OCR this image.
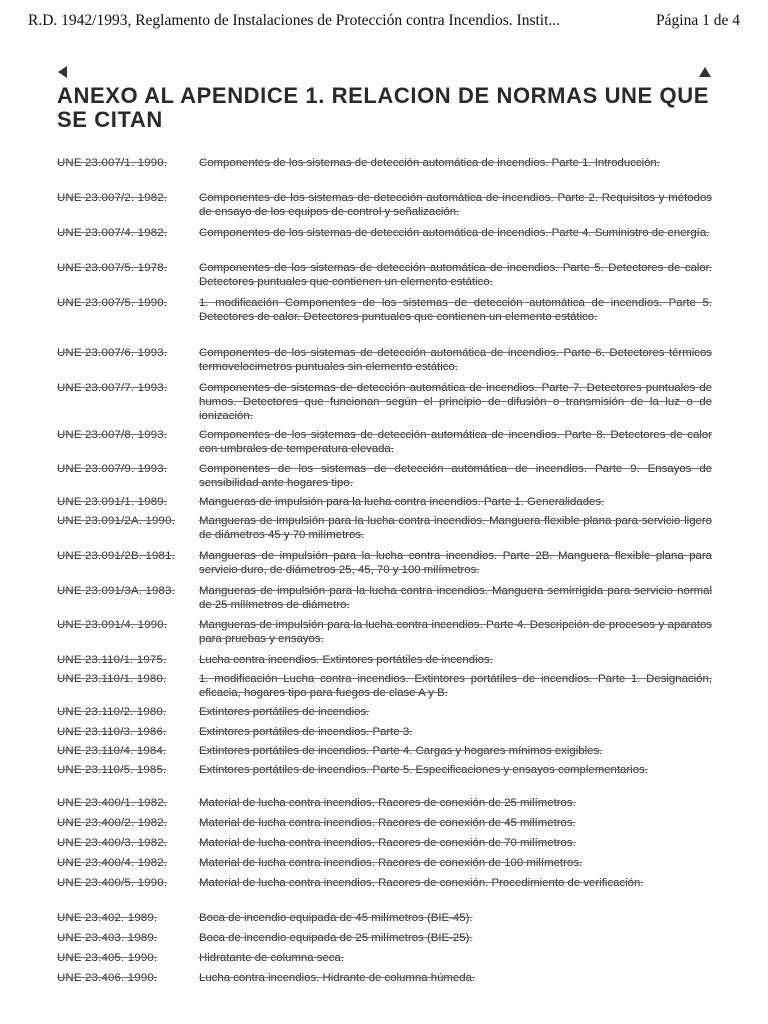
R.D. 1942/1993, Reglamento de Instalaciones de Protección contra Incendios. Instit...	Página 1 de 4
ANEXO AL APENDICE 1. RELACION DE NORMAS UNE QUE SE CITAN
UNE 23.007/1. 1990.	Componentes de los sistemas de detección automática de incendios. Parte 1. Introducción.
UNE 23.007/2. 1982.	Componentes de los sistemas de detección automática de incendios. Parte 2. Requisitos y métodos de ensayo de los equipos de control y señalización.
UNE 23.007/4. 1982.	Componentes de los sistemas de detección automática de incendios. Parte 4. Suministro de energía.
UNE 23.007/5. 1978.	Componentes de los sistemas de detección automática de incendios. Parte 5. Detectores de calor. Detectores puntuales que contienen un elemento estático.
UNE 23.007/5. 1990.	1. modificación Componentes de los sistemas de detección automática de incendios. Parte 5. Detectores de calor. Detectores puntuales que contienen un elemento estático.
UNE 23.007/6. 1993.	Componentes de los sistemas de detección automática de incendios. Parte 6. Detectores térmicos termovelocimetros puntuales sin elemento estático.
UNE 23.007/7. 1993.	Componentes de sistemas de detección automática de incendios. Parte 7. Detectores puntuales de humos. Detectores que funcionan según el principio de difusión o transmisión de la luz o de ionización.
UNE 23.007/8. 1993.	Componentes de los sistemas de detección automática de incendios. Parte 8. Detectores de calor con umbrales de temperatura elevada.
UNE 23.007/9. 1993.	Componentes de los sistemas de detección automática de incendios. Parte 9. Ensayos de sensibilidad ante hogares tipo.
UNE 23.091/1. 1989.	Mangueras de impulsión para la lucha contra incendios. Parte 1. Generalidades.
UNE 23.091/2A. 1990.	Mangueras de impulsión para la lucha contra incendios. Manguera flexible plana para servicio ligero de diámetros 45 y 70 milímetros.
UNE 23.091/2B. 1981.	Mangueras de impulsión para la lucha contra incendios. Parte 2B. Manguera flexible plana para servicio duro, de diámetros 25, 45, 70 y 100 milímetros.
UNE 23.091/3A. 1983.	Mangueras de impulsión para la lucha contra incendios. Manguera semirrigida para servicio normal de 25 milímetros de diámetro.
UNE 23.091/4. 1990.	Mangueras de impulsión para la lucha contra incendios. Parte 4. Descripción de procesos y aparatos para pruebas y ensayos.
UNE 23.110/1. 1975.	Lucha contra incendios. Extintores portátiles de incendios.
UNE 23.110/1. 1980.	1. modificación Lucha contra incendios. Extintores portátiles de incendios. Parte 1. Designación, eficacia, hogares tipo para fuegos de clase A y B.
UNE 23.110/2. 1980.	Extintores portátiles de incendios.
UNE 23.110/3. 1986.	Extintores portátiles de incendios. Parte 3.
UNE 23.110/4. 1984.	Extintores portátiles de incendios. Parte 4. Cargas y hogares mínimos exigibles.
UNE 23.110/5. 1985.	Extintores portátiles de incendios. Parte 5. Especificaciones y ensayos complementarios.
UNE 23.400/1. 1982.	Material de lucha contra incendios. Racores de conexión de 25 milímetros.
UNE 23.400/2. 1982.	Material de lucha contra incendios. Racores de conexión de 45 milímetros.
UNE 23.400/3. 1982.	Material de lucha contra incendios. Racores de conexión de 70 milímetros.
UNE 23.400/4. 1982.	Material de lucha contra incendios. Racores de conexión de 100 milímetros.
UNE 23.400/5. 1990.	Material de lucha contra incendios. Racores de conexión. Procedimiento de verificación.
UNE 23.402. 1989.	Boca de incendio equipada de 45 milímetros (BIE-45).
UNE 23.403. 1989.	Boca de incendio equipada de 25 milímetros (BIE-25).
UNE 23.405. 1990.	Hidratante de columna seca.
UNE 23.406. 1990.	Lucha contra incendios. Hidrante de columna húmeda.
